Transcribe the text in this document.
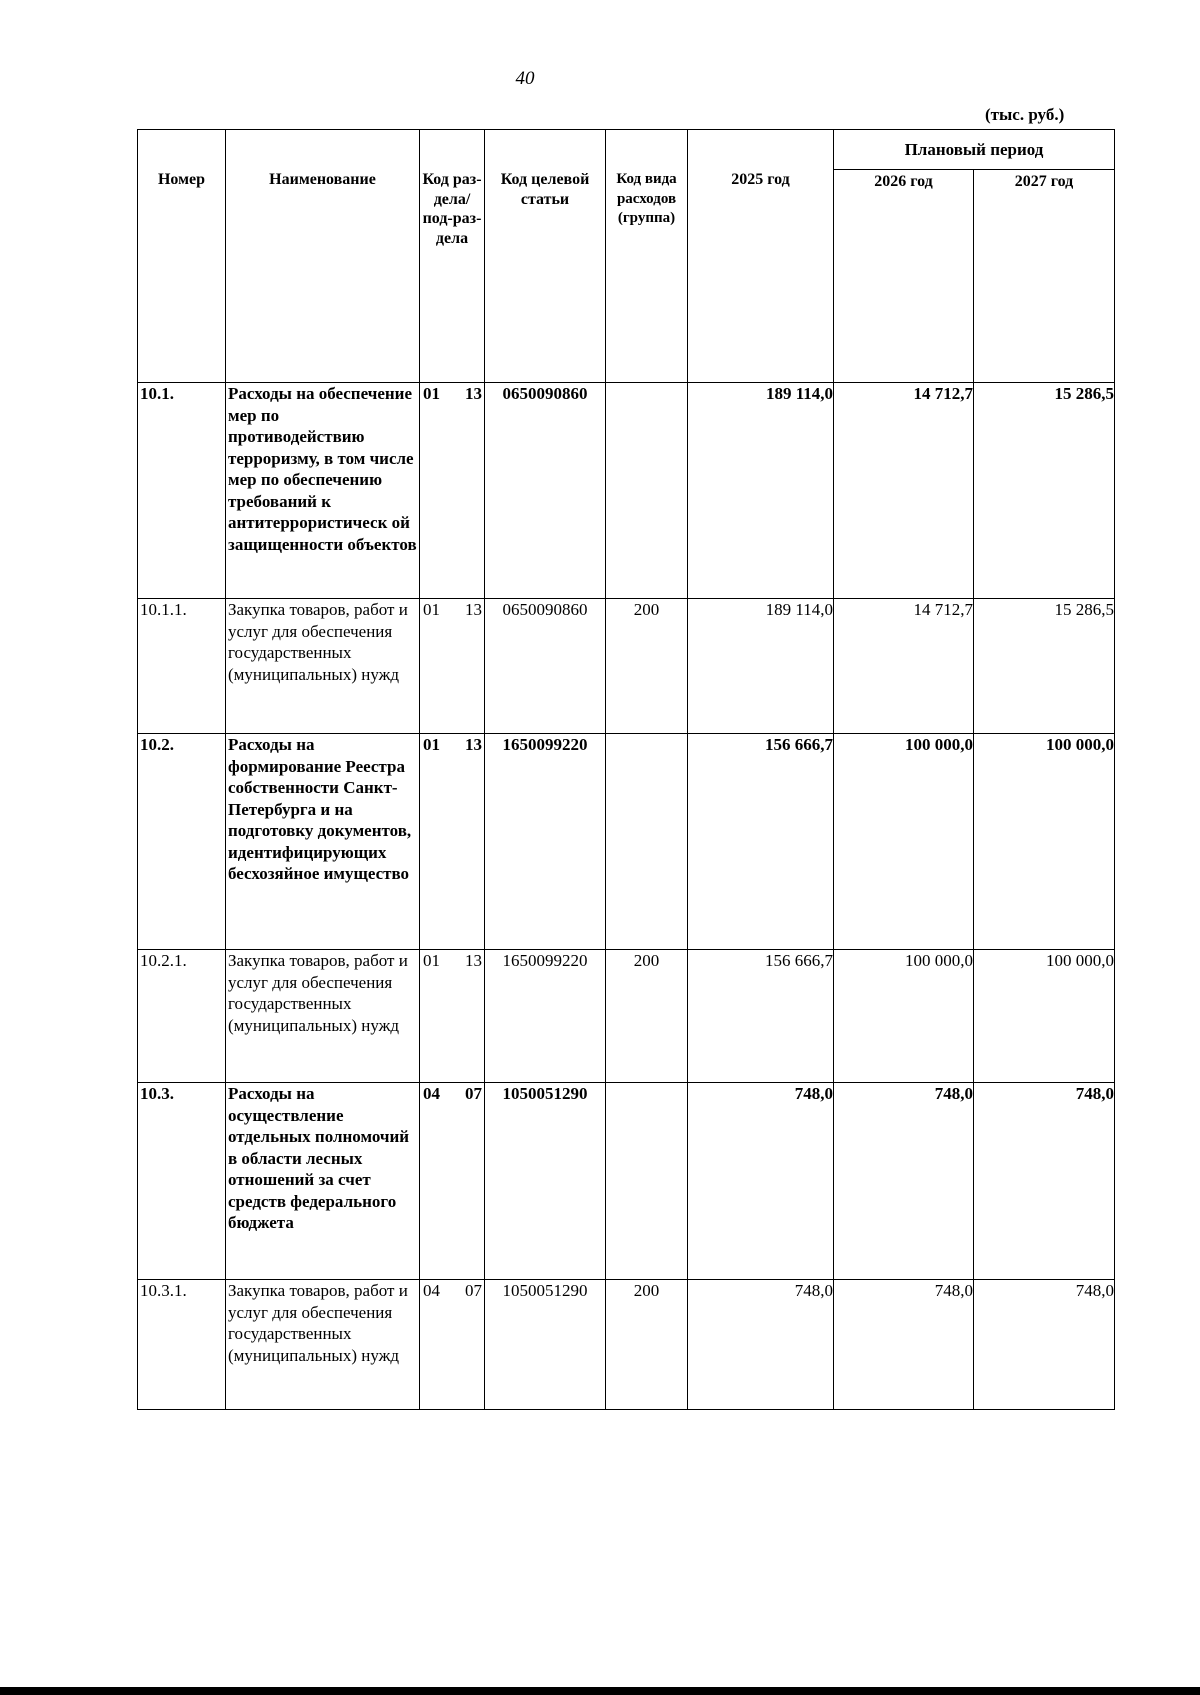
40
(тыс. руб.)
Номер	Наименование	Код раз-дела/ под-раз-дела	Код целевой статьи	Код вида расходов (группа)	2025 год	Плановый период	
						2026 год	2027 год
10.1.	Расходы на обеспечение мер по противодействию терроризму, в том числе мер по обеспечению требований к антитеррористическ ой защищенности объектов	01 13	0650090860		189 114,0	14 712,7	15 286,5
10.1.1.	Закупка товаров, работ и услуг для обеспечения государственных (муниципальных) нужд	01 13	0650090860	200	189 114,0	14 712,7	15 286,5
10.2.	Расходы на формирование Реестра собственности Санкт-Петербурга и на подготовку документов, идентифицирующих бесхозяйное имущество	01 13	1650099220		156 666,7	100 000,0	100 000,0
10.2.1.	Закупка товаров, работ и услуг для обеспечения государственных (муниципальных) нужд	01 13	1650099220	200	156 666,7	100 000,0	100 000,0
10.3.	Расходы на осуществление отдельных полномочий в области лесных отношений за счет средств федерального бюджета	04 07	1050051290		748,0	748,0	748,0
10.3.1.	Закупка товаров, работ и услуг для обеспечения государственных (муниципальных) нужд	04 07	1050051290	200	748,0	748,0	748,0
